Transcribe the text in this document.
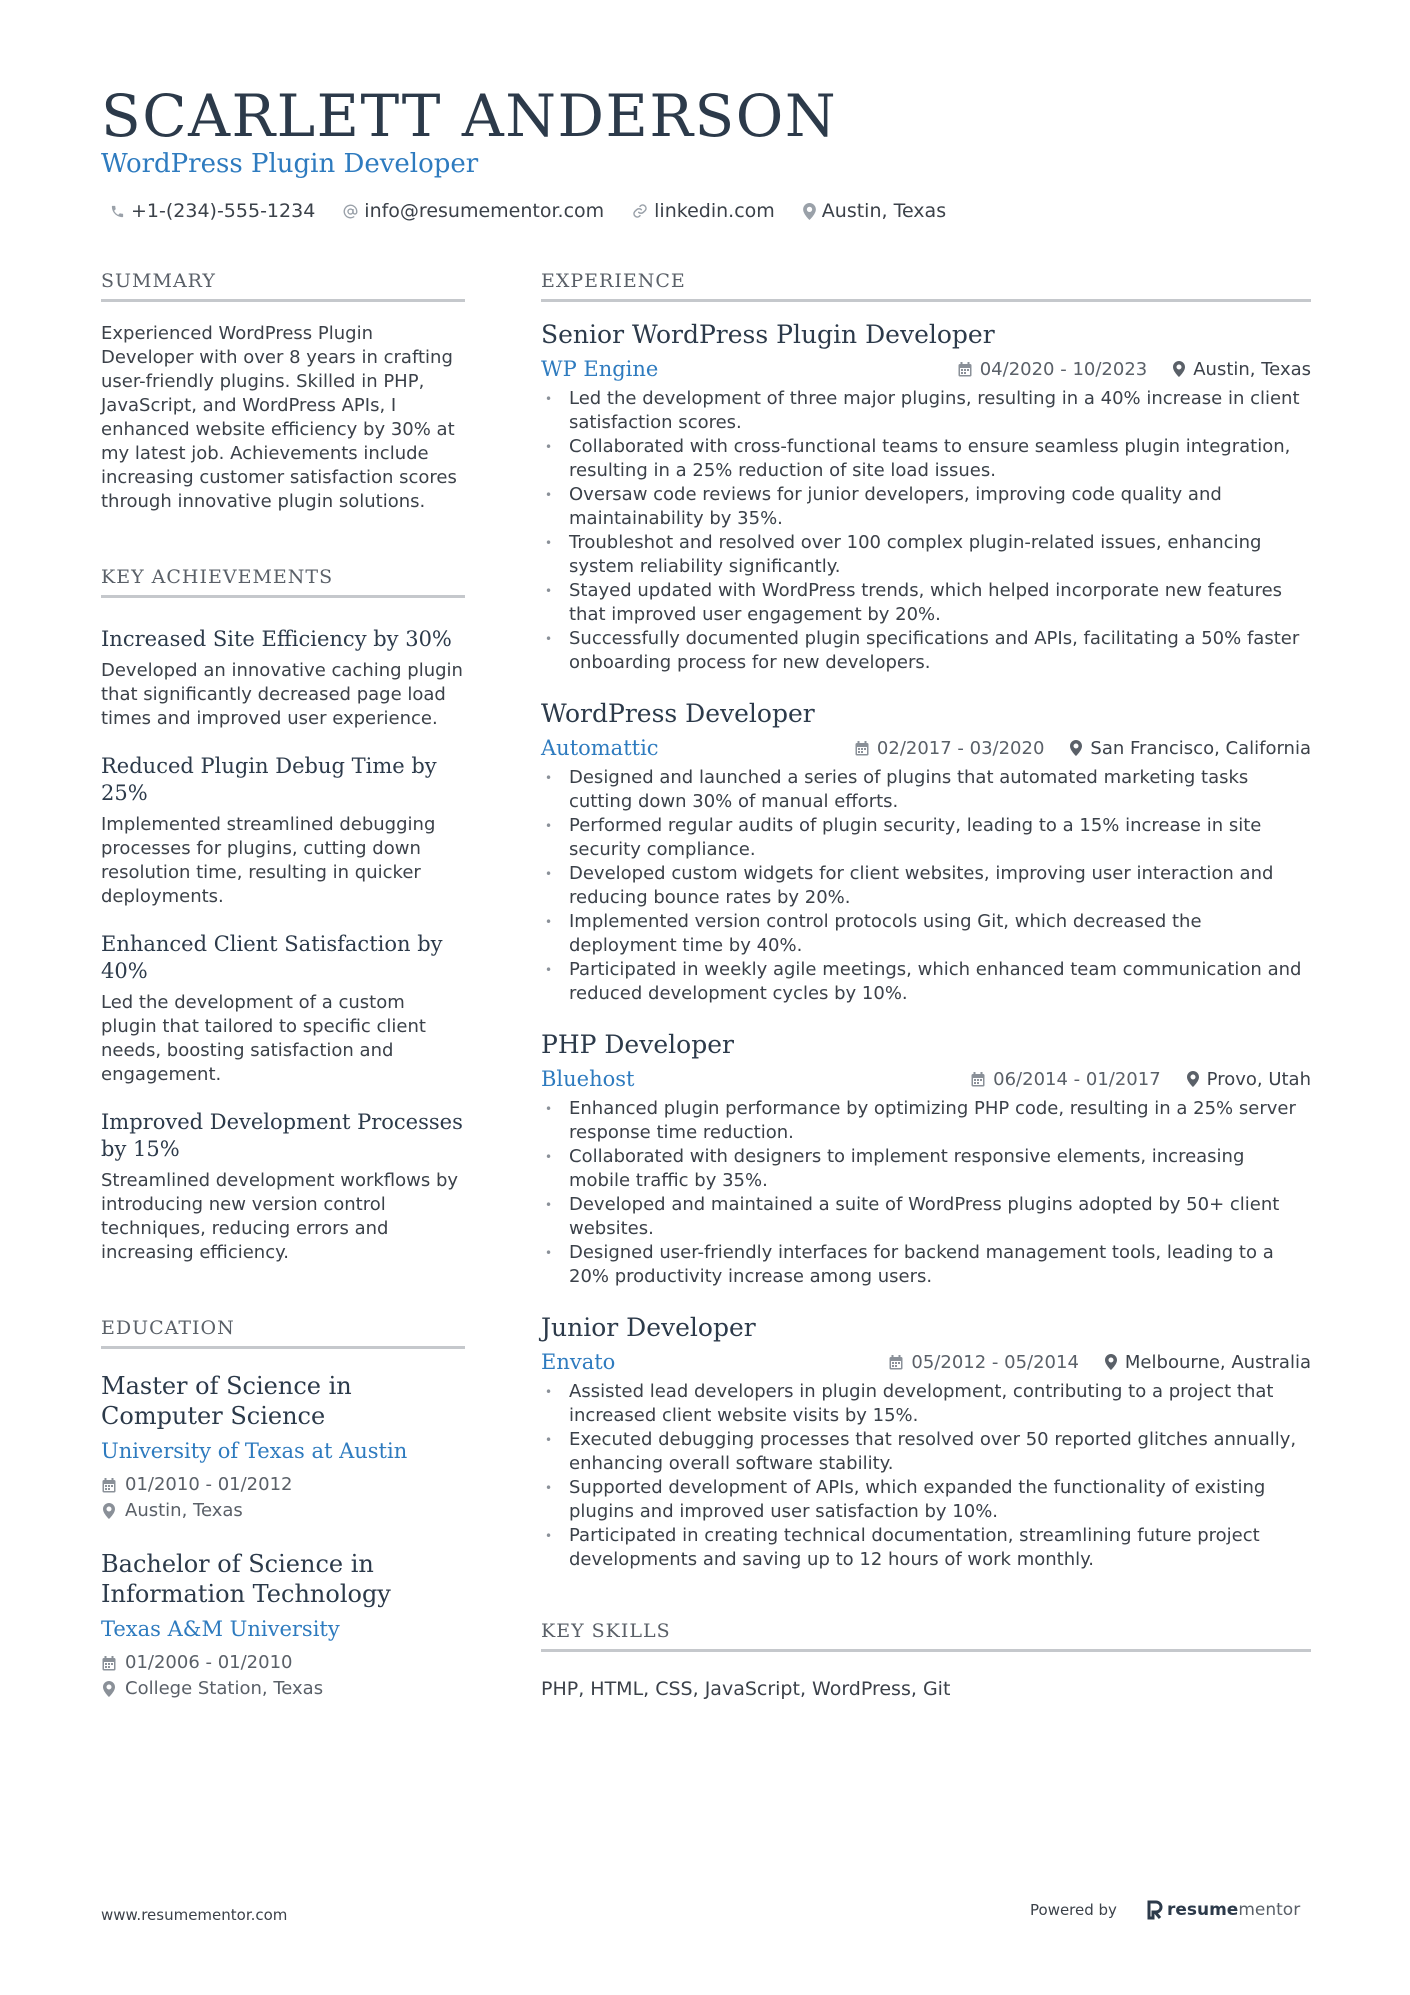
SCARLETT ANDERSON
WordPress Plugin Developer
+1-(234)-555-1234	info@resumementor.com	linkedin.com Austin, Texas
SUMMARY
Experienced WordPress Plugin Developer with over 8 years in crafting user-friendly plugins. Skilled in PHP, JavaScript, and WordPress APIs, I enhanced website efficiency by 30% at my latest job. Achievements include increasing customer satisfaction scores through innovative plugin solutions.
KEY ACHIEVEMENTS
Increased Site Efficiency by 30%
Developed an innovative caching plugin that significantly decreased page load times and improved user experience.
Reduced Plugin Debug Time by 25%
Implemented streamlined debugging processes for plugins, cutting down resolution time, resulting in quicker deployments.
Enhanced Client Satisfaction by 40%
Led the development of a custom plugin that tailored to specific client needs, boosting satisfaction and engagement.
Improved Development Processes by 15%
Streamlined development workflows by introducing new version control techniques, reducing errors and increasing efficiency.
EDUCATION
Master of Science in Computer Science
University of Texas at Austin
01/2010 - 01/2012
Austin, Texas
Bachelor of Science in Information Technology
Texas A&M University
01/2006 - 01/2010
College Station, Texas
EXPERIENCE
Senior WordPress Plugin Developer
WP Engine	04/2020 - 10/2023	Austin, Texas
• Led the development of three major plugins, resulting in a 40% increase in client satisfaction scores.
• Collaborated with cross-functional teams to ensure seamless plugin integration, resulting in a 25% reduction of site load issues.
• Oversaw code reviews for junior developers, improving code quality and maintainability by 35%.
• Troubleshot and resolved over 100 complex plugin-related issues, enhancing system reliability significantly.
• Stayed updated with WordPress trends, which helped incorporate new features that improved user engagement by 20%.
• Successfully documented plugin specifications and APIs, facilitating a 50% faster onboarding process for new developers.
WordPress Developer
Automattic	02/2017 - 03/2020	San Francisco, California
• Designed and launched a series of plugins that automated marketing tasks cutting down 30% of manual efforts.
• Performed regular audits of plugin security, leading to a 15% increase in site security compliance.
• Developed custom widgets for client websites, improving user interaction and reducing bounce rates by 20%.
• Implemented version control protocols using Git, which decreased the deployment time by 40%.
• Participated in weekly agile meetings, which enhanced team communication and reduced development cycles by 10%.
PHP Developer
Bluehost	06/2014 - 01/2017	Provo, Utah
• Enhanced plugin performance by optimizing PHP code, resulting in a 25% server response time reduction.
• Collaborated with designers to implement responsive elements, increasing mobile traffic by 35%.
• Developed and maintained a suite of WordPress plugins adopted by 50+ client websites.
• Designed user-friendly interfaces for backend management tools, leading to a 20% productivity increase among users.
Junior Developer
Envato	05/2012 - 05/2014	Melbourne, Australia
• Assisted lead developers in plugin development, contributing to a project that increased client website visits by 15%.
• Executed debugging processes that resolved over 50 reported glitches annually, enhancing overall software stability.
• Supported development of APIs, which expanded the functionality of existing plugins and improved user satisfaction by 10%.
• Participated in creating technical documentation, streamlining future project developments and saving up to 12 hours of work monthly.
KEY SKILLS
PHP, HTML, CSS, JavaScript, WordPress, Git
www.resumementor.com	Powered by	resume mentor
